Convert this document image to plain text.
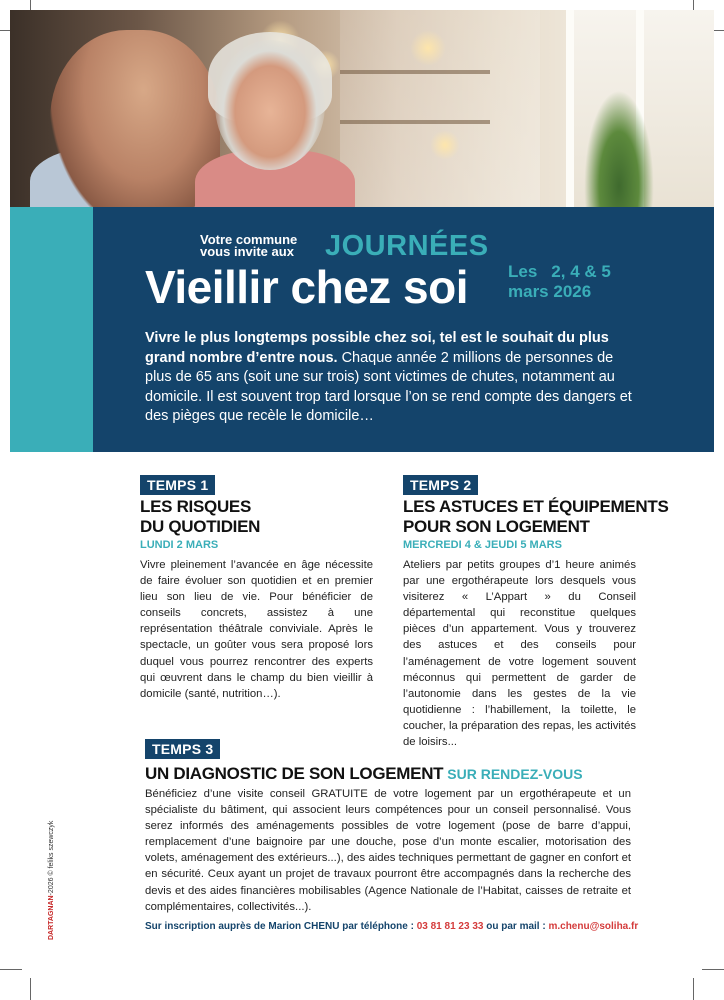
Votre commune
vous invite aux JOURNÉES
Vieillir chez soi Les 2, 4 & 5
mars 2026
Vivre le plus longtemps possible chez soi, tel est le souhait du plus grand nombre d’entre nous. Chaque année 2 millions de personnes de plus de 65 ans (soit une sur trois) sont victimes de chutes, notamment au domicile. Il est souvent trop tard lorsque l’on se rend compte des dangers et des pièges que recèle le domicile…
TEMPS 1
LES RISQUES
DU QUOTIDIEN
LUNDI 2 MARS
Vivre pleinement l’avancée en âge nécessite de faire évoluer son quotidien et en premier lieu son lieu de vie. Pour bénéficier de conseils concrets, assistez à une représentation théâtrale conviviale. Après le spectacle, un goûter vous sera proposé lors duquel vous pourrez rencontrer des experts qui œuvrent dans le champ du bien vieillir à domicile (santé, nutrition…).
TEMPS 2
LES ASTUCES ET ÉQUIPEMENTS
POUR SON LOGEMENT
MERCREDI 4 & JEUDI 5 MARS
Ateliers par petits groupes d’1 heure animés par une ergothérapeute lors desquels vous visiterez « L’Appart » du Conseil départemental qui reconstitue quelques pièces d’un appartement. Vous y trouverez des astuces et des conseils pour l’aménagement de votre logement souvent méconnus qui permettent de garder de l’autonomie dans les gestes de la vie quotidienne : l’habillement, la toilette, le coucher, la préparation des repas, les activités de loisirs...
TEMPS 3
UN DIAGNOSTIC DE SON LOGEMENT SUR RENDEZ-VOUS
Bénéficiez d’une visite conseil GRATUITE de votre logement par un ergothérapeute et un spécialiste du bâtiment, qui associent leurs compétences pour un conseil personnalisé. Vous serez informés des aménagements possibles de votre logement (pose de barre d’appui, remplacement d’une baignoire par une douche, pose d’un monte escalier, motorisation des volets, aménagement des extérieurs...), des aides techniques permettant de gagner en confort et en sécurité. Ceux ayant un projet de travaux pourront être accompagnés dans la recherche des devis et des aides financières mobilisables (Agence Nationale de l’Habitat, caisses de retraite et complémentaires, collectivités...).
Sur inscription auprès de Marion CHENU par téléphone : 03 81 81 23 33 ou par mail : m.chenu@soliha.fr
DARTAGNAN-2026 © feliks szewczyk
